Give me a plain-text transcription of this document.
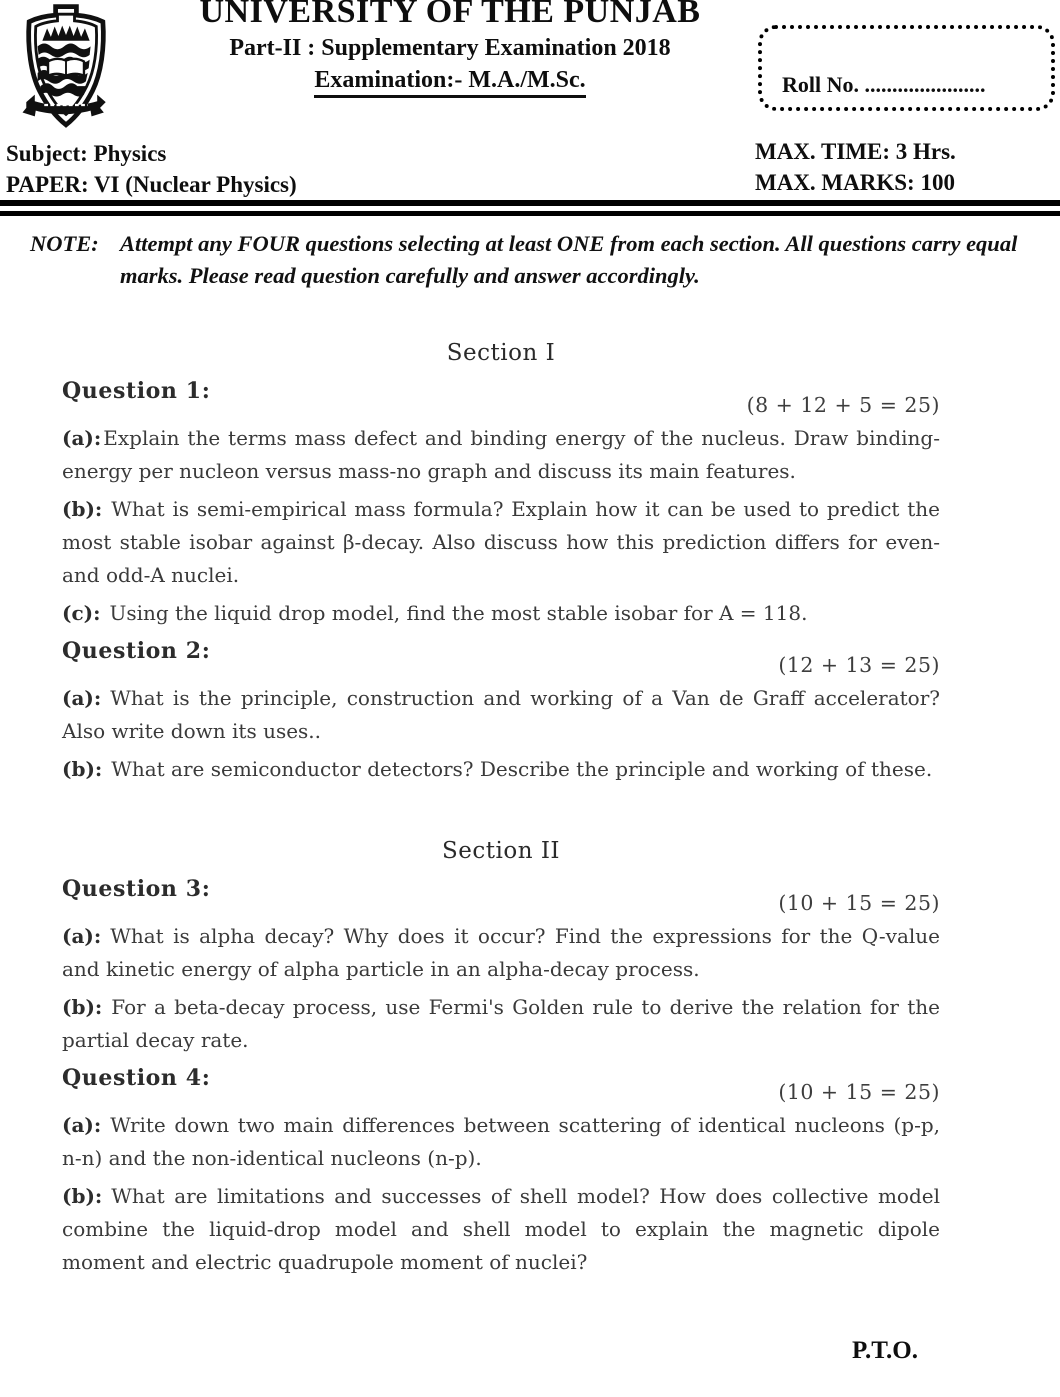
UNIVERSITY OF THE PUNJAB
Part-II : Supplementary Examination 2018
Examination:- M.A./M.Sc.	Roll No. ......................
Subject: Physics
PAPER: VI (Nuclear Physics)
MAX. TIME: 3 Hrs.
MAX. MARKS: 100
NOTE: Attempt any FOUR questions selecting at least ONE from each section. All questions carry equal marks. Please read question carefully and answer accordingly.
Section I
Question 1:
(8 + 12 + 5 = 25)

(a): Explain the terms mass defect and binding energy of the nucleus. Draw binding-energy per nucleon versus mass-no graph and discuss its main features.

(b): What is semi-empirical mass formula? Explain how it can be used to predict the most stable isobar against β-decay. Also discuss how this prediction differs for even- and odd-A nuclei.

(c): Using the liquid drop model, find the most stable isobar for A = 118.

Question 2:
(12 + 13 = 25)

(a): What is the principle, construction and working of a Van de Graff accelerator? Also write down its uses..

(b): What are semiconductor detectors? Describe the principle and working of these.

Section II
Question 3:
(10 + 15 = 25)

(a): What is alpha decay? Why does it occur? Find the expressions for the Q-value and kinetic energy of alpha particle in an alpha-decay process.

(b): For a beta-decay process, use Fermi's Golden rule to derive the relation for the partial decay rate.

Question 4:
(10 + 15 = 25)

(a): Write down two main differences between scattering of identical nucleons (p-p, n-n) and the non-identical nucleons (n-p).

(b): What are limitations and successes of shell model? How does collective model combine the liquid-drop model and shell model to explain the magnetic dipole moment and electric quadrupole moment of nuclei?

P.T.O.
